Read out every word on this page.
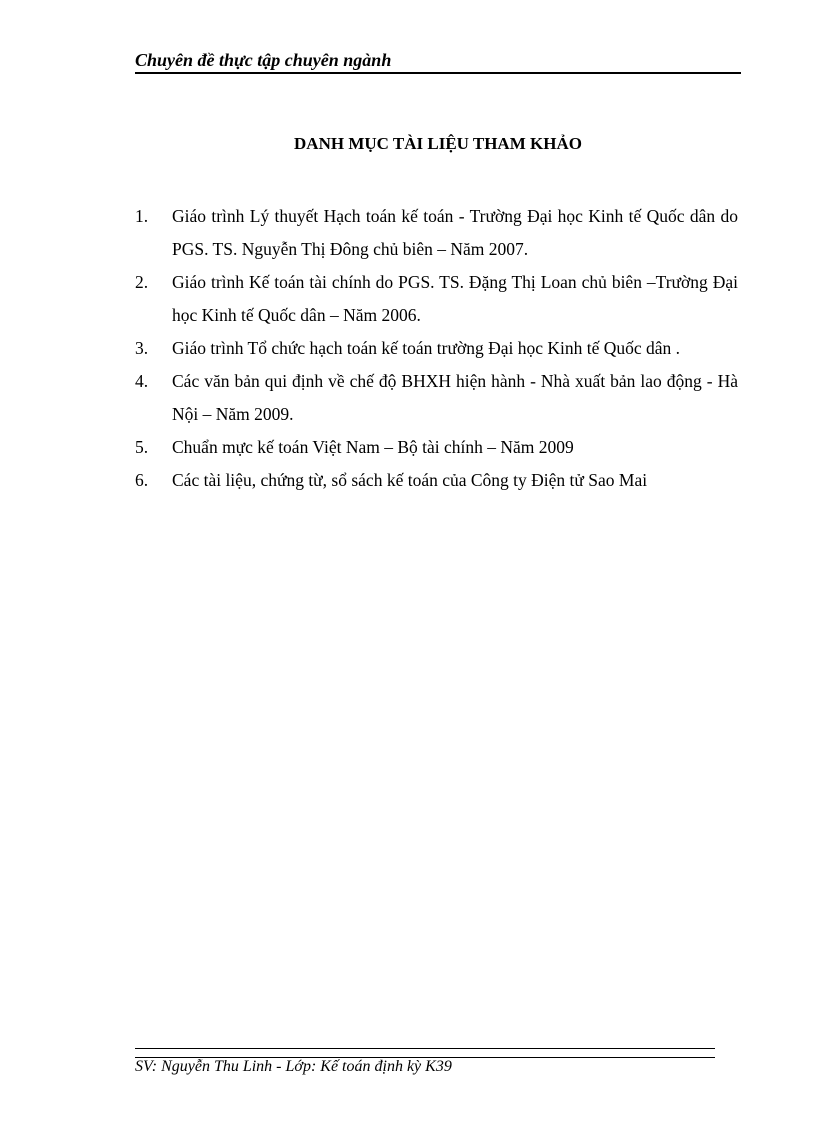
Chuyên đề thực tập chuyên ngành
DANH MỤC TÀI LIỆU THAM KHẢO
1.	Giáo trình Lý thuyết Hạch toán kế toán - Trường Đại học Kinh tế Quốc dân do PGS. TS. Nguyễn Thị Đông chủ biên – Năm 2007.
2.	Giáo trình Kế toán tài chính do PGS. TS. Đặng Thị Loan chủ biên –Trường Đại học Kinh tế Quốc dân – Năm 2006.
3.	Giáo trình Tổ chức hạch toán kế toán trường Đại học Kinh tế Quốc dân .
4.	Các văn bản qui định về chế độ BHXH hiện hành - Nhà xuất bản lao động - Hà Nội – Năm 2009.
5.	Chuẩn mực kế toán Việt Nam – Bộ tài chính – Năm 2009
6.	Các tài liệu, chứng từ, sổ sách kế toán của Công ty Điện tử Sao Mai
SV: Nguyễn Thu Linh - Lớp: Kế toán định kỳ K39
